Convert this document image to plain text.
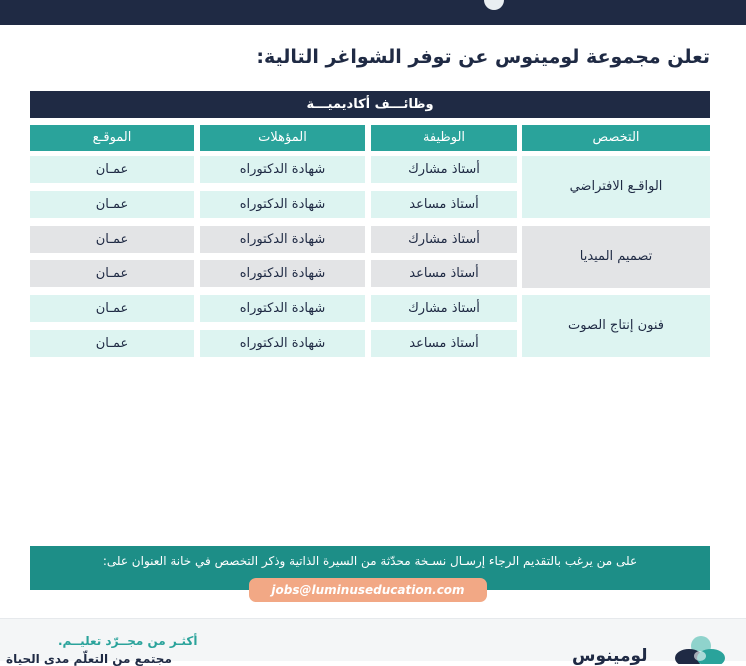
تعلن مجموعة لومينوس عن توفر الشواغر التالية:
وظائـــف أكاديميـــة
التخصص
الوظيفة
المؤهلات
الموقـع
الواقـع الافتراضي
أستاذ مشارك
شهادة الدكتوراه
عمـان
أستاذ مساعد
شهادة الدكتوراه
عمـان
تصميم الميديا
أستاذ مشارك
شهادة الدكتوراه
عمـان
أستاذ مساعد
شهادة الدكتوراه
عمـان
فنون إنتاج الصوت
أستاذ مشارك
شهادة الدكتوراه
عمـان
أستاذ مساعد
شهادة الدكتوراه
عمـان
على من يرغب بالتقديم الرجاء إرسـال نسـخة محدّثة من السيرة الذاتية وذكر التخصص في خانة العنوان على:
jobs@luminuseducation.com
أكثـر من مجــرّد تعليــم.
مجتمع من التعلّم مدى الحياة	لومينوس
